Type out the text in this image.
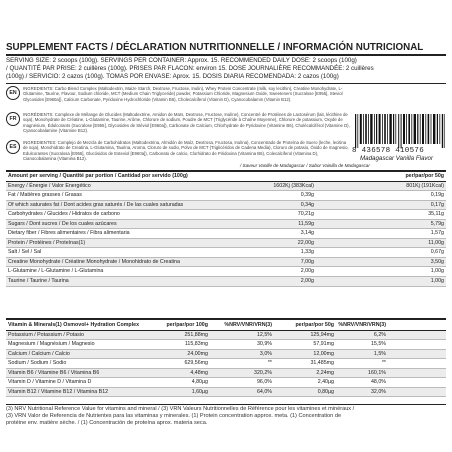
SUPPLEMENT FACTS / DÉCLARATION NUTRITIONNELLE / INFORMACIÓN NUTRICIONAL
SERVING SIZE: 2 scoops (100g). SERVINGS PER CONTAINER: Approx. 15. RECOMMENDED DAILY DOSE: 2 scoops (100g)
/ QUANTITÉ PAR PRISE: 2 cuillères (100g). PRISES PAR FLACON: environ 15. DOSE JOURNALIÈRE RECOMMANDÉE: 2 cuillères
(100g) / SERVICIO: 2 cazos (100g). TOMAS POR ENVASE: Aprox. 15. DOSIS DIARIA RECOMENDADA: 2 cazos (100g)
EN
INGREDIENTS: Carbo Blend Complex (Maltodextrin, Maize Starch, Dextrose, Fructose, Inulin), Whey Protein Concentrate (milk, soy lecithin), Creatine Monohydrate, L-Glutamine, Taurine, Flavour, Sodium chloride, MCT (Medium Chain Triglyceride) powder, Potassium Chloride, Magnesium Oxide, Sweeteners (Sucralose [E955], Steviol Glycosides [E960a]), Calcium Carbonate, Pyridoxine Hydrochloride (Vitamin B6), Cholecalciferol (Vitamin D), Cyanocobalamin (Vitamin B12).
FR
INGRÉDIENTS: Complexe de Mélange de Glucides (Maltodextrine, Amidon de Maïs, Dextrose, Fructose, Inuline), Concentré de Protéines de Lactosérum (lait, lécithine de soja), Monohydrate de Créatine, L-Glutamine, Taurine, Arôme, Chlorure de sodium, Poudre de MCT (Triglycéride à Chaîne Moyenne), Chlorure de potassium, Oxyde de magnésium, Édulcorants (Sucralose [E955], Glycosides de Stéviol [E960a]), Carbonate de Calcium, Chlorhydrate de Pyridoxine (Vitamine B6), Cholécalciférol (Vitamine D), Cyanocobalamine (Vitamine B12).
ES
INGREDIENTES: Complejo de Mezcla de Carbohidratos (Maltodextrina, Almidón de Maíz, Dextrosa, Fructosa, Inulina), Concentrado de Proteína de Suero (leche, lecitina de soja), Monohidrato de Creatina, L-Glutamina, Taurina, Aroma, Cloruro de sodio, Polvo de MCT (Triglicéridos de Cadena Media), Cloruro de potasio, Óxido de magnesio, Edulcorantes (Sucralosa [E955], Glucósidos de Esteviol [E960a]), Carbonato de calcio, Clorhidrato de Piridoxina (Vitamina B6), Colecalciferol (Vitamina D), Cianocobalamina (Vitamina B12).
8 436578 410576
Madagascar Vanilla Flavor
/ Saveur Vanille de Madagascar / Sabor Vainilla de Madagascar
Amount per serving / Quantité par portion / Cantidad por servido (100g)			per/par/por 50g
Energy / Énergie / Valor Energético	1602Kj (383Kcal)		801Kj (191Kcal)
Fat / Matières grasses / Grasas	0,39g		0,19g
Of which saturates fat / Dont acides gras saturés / De las cuales saturadas	0,34g		0,17g
Carbohydrates / Glucides / Hidratos de carbono	70,21g		35,11g
Sugars / Dont sucres / De los cuales azúcares	11,59g		5,79g
Dietary fiber / Fibres alimentaires / Fibra alimentaria	3,14g		1,57g
Protein / Protéines / Proteínas(1)	22,00g		11,00g
Salt / Sel / Sal	1,33g		0,67g
Creatine Monohydrate / Créatine Monohydrate / Monohidrato de Creatina	7,00g		3,50g
L-Glutamine / L-Glutamine / L-Glutamina	2,00g		1,00g
Taurine / Taurine / Taurina	2,00g		1,00g
Vitamin & Minerals(1) Osmovol+ Hydration Complex	per/par/por 100g	%NRV/VNR/VRN(3)	per/par/por 50g	%NRV/VNR/VRN(3)	
Potassium / Potassium / Potasio	251,88mg	12,5%	125,94mg	6,2%	
Magnesium / Magnésium / Magnesio	115,83mg	30,9%	57,91mg	15,5%	
Calcium / Calcium / Calcio	24,00mg	3,0%	12,00mg	1,5%	
Sodium / Sodium / Sodio	629,56mg	**	31,485mg	**	
Vitamin B6 / Vitamine B6 / Vitamina B6	4,48mg	320,2%	2,24mg	160,1%	
Vitamin D / Vitamine D / Vitamina D	4,80µg	96,0%	2,40µg	48,0%	
Vitamin B12 / Vitamine B12 / Vitamina B12	1,60µg	64,0%	0,80µg	32,0%	
(3) NRV Nutritional Reference Value for vitamins and mineral / (3) VRN Valeurs Nutritionnelles de Référence pour les vitamines et minéraux /
(3) VRN Valor de Referencia de Nutrientes para las vitaminas y minerales. (1) Protein concentration approx. meta. (1) Concentration de
protéine env. matière sèche. / (1) Concentración de proteína aprox. materia seca.
